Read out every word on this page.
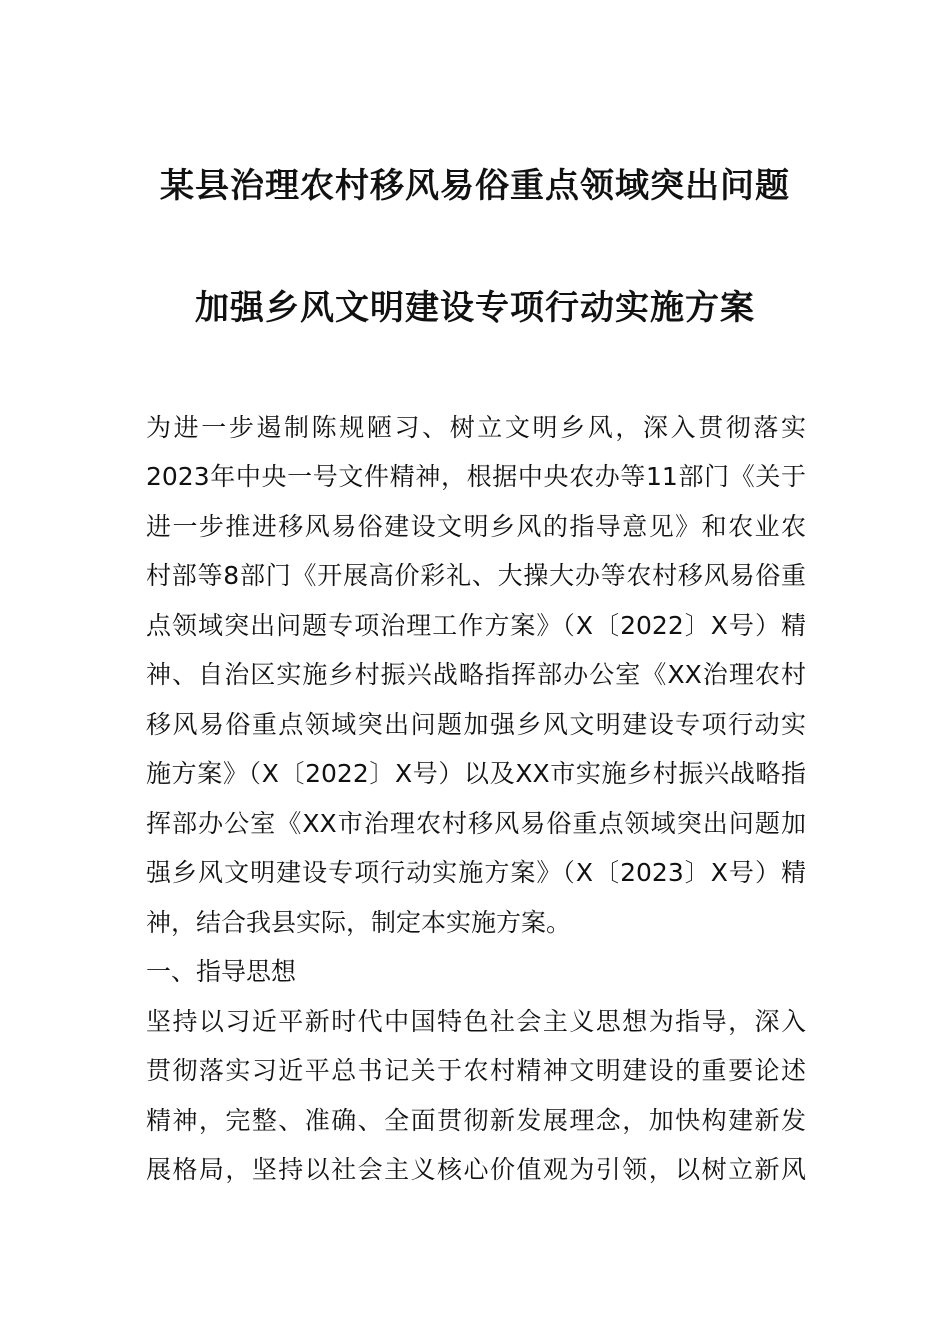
某县治理农村移风易俗重点领域突出问题
加强乡风文明建设专项行动实施方案
为进一步遏制陈规陋习、树立文明乡风，深入贯彻落实
2023年中央一号文件精神，根据中央农办等11部门《关于
进一步推进移风易俗建设文明乡风的指导意见》和农业农
村部等8部门《开展高价彩礼、大操大办等农村移风易俗重
点领域突出问题专项治理工作方案》（X〔2022〕X号）精
神、自治区实施乡村振兴战略指挥部办公室《XX治理农村
移风易俗重点领域突出问题加强乡风文明建设专项行动实
施方案》（X〔2022〕X号）以及XX市实施乡村振兴战略指
挥部办公室《XX市治理农村移风易俗重点领域突出问题加
强乡风文明建设专项行动实施方案》（X〔2023〕X号）精
神，结合我县实际，制定本实施方案。
一、指导思想
坚持以习近平新时代中国特色社会主义思想为指导，深入
贯彻落实习近平总书记关于农村精神文明建设的重要论述
精神，完整、准确、全面贯彻新发展理念，加快构建新发
展格局，坚持以社会主义核心价值观为引领，以树立新风
